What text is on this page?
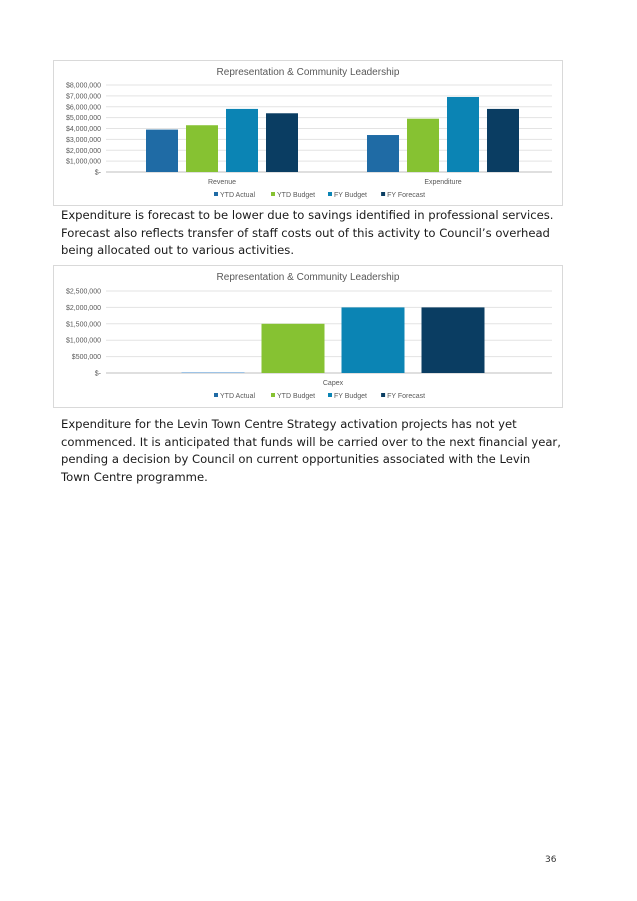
Representation & Community Leadership
$8,000,000
$7,000,000
$6,000,000
$5,000,000
$4,000,000
$3,000,000
$2,000,000
$1,000,000
$-
Revenue	Expenditure
YTD Actual	YTD Budget	FY Budget	FY Forecast

Expenditure is forecast to be lower due to savings identified in professional services. Forecast also reflects transfer of staff costs out of this activity to Council’s overhead being allocated out to various activities.

Representation & Community Leadership
$2,500,000
$2,000,000
$1,500,000
$1,000,000
$500,000
$-
Capex
YTD Actual	YTD Budget	FY Budget	FY Forecast

Expenditure for the Levin Town Centre Strategy activation projects has not yet commenced. It is anticipated that funds will be carried over to the next financial year, pending a decision by Council on current opportunities associated with the Levin Town Centre programme.

36
